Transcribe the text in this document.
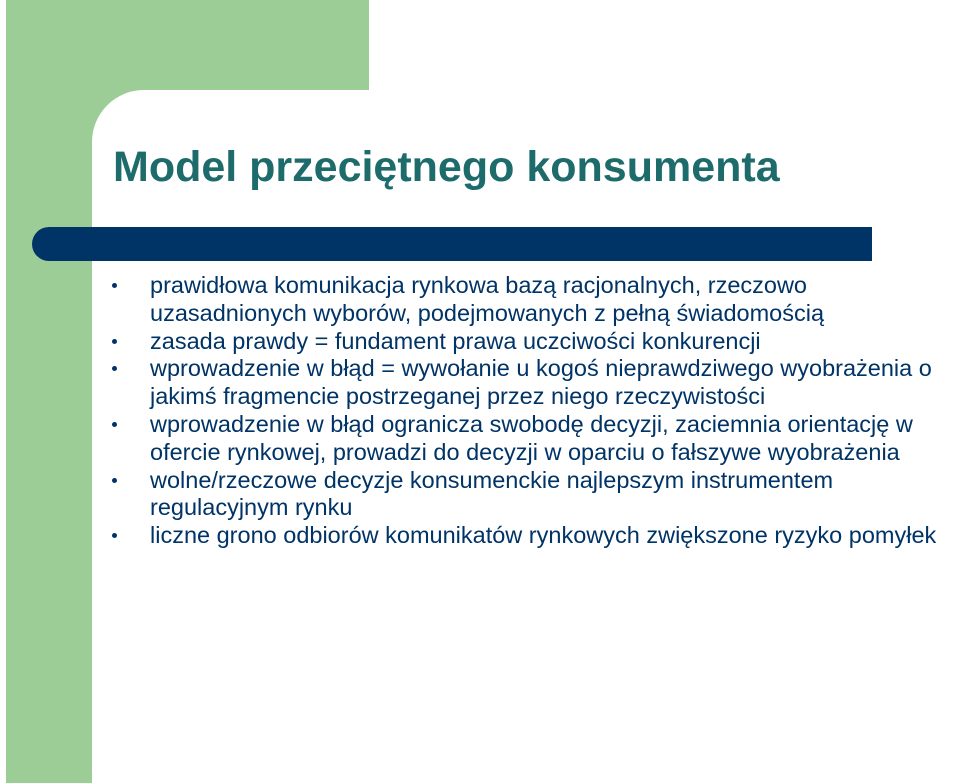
Model przeciętnego konsumenta
prawidłowa komunikacja rynkowa bazą racjonalnych, rzeczowo uzasadnionych wyborów, podejmowanych z pełną świadomością
zasada prawdy = fundament prawa uczciwości konkurencji
wprowadzenie w błąd = wywołanie u kogoś nieprawdziwego wyobrażenia o jakimś fragmencie postrzeganej przez niego rzeczywistości
wprowadzenie w błąd ogranicza swobodę decyzji, zaciemnia orientację w ofercie rynkowej, prowadzi do decyzji w oparciu o fałszywe wyobrażenia
wolne/rzeczowe decyzje konsumenckie najlepszym instrumentem regulacyjnym rynku
liczne grono odbiorów komunikatów rynkowych zwiększone ryzyko pomyłek
